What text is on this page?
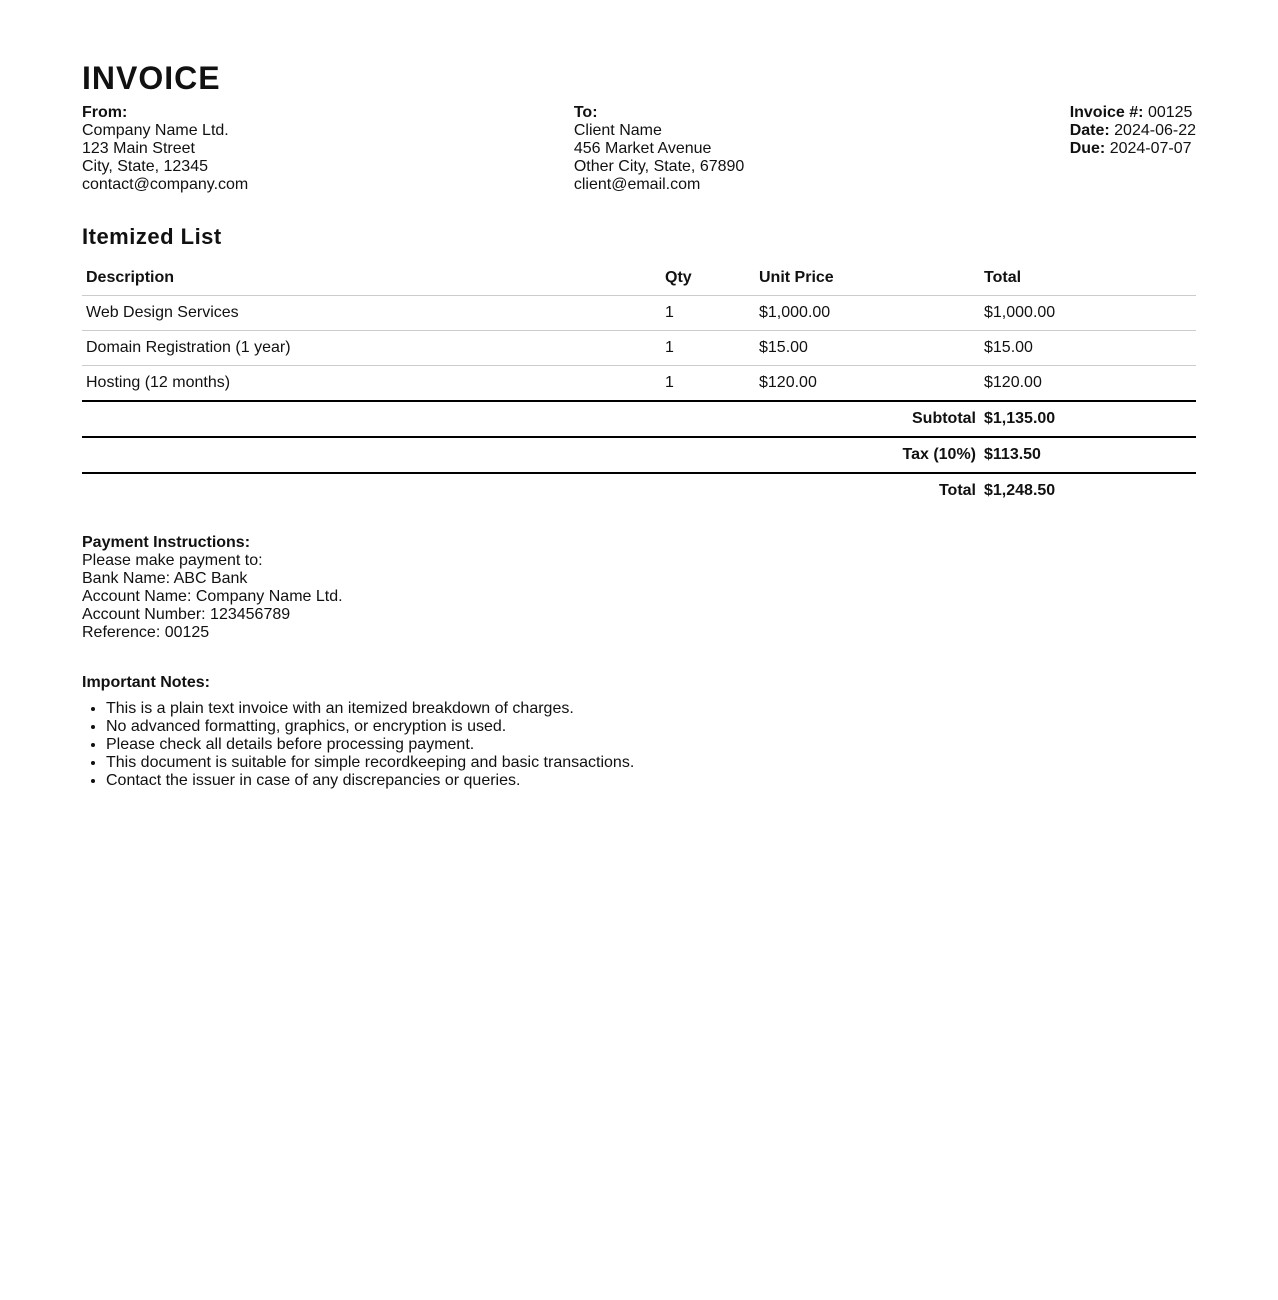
INVOICE
From:
Company Name Ltd.
123 Main Street
City, State, 12345
contact@company.com
To:
Client Name
456 Market Avenue
Other City, State, 67890
client@email.com
Invoice #: 00125
Date: 2024-06-22
Due: 2024-07-07
Itemized List
Description	Qty	Unit Price	Total
Web Design Services	1	$1,000.00	$1,000.00
Domain Registration (1 year)	1	$15.00	$15.00
Hosting (12 months)	1	$120.00	$120.00
Subtotal			$1,135.00
Tax (10%)			$113.50
Total			$1,248.50
Payment Instructions:
Please make payment to:
Bank Name: ABC Bank
Account Name: Company Name Ltd.
Account Number: 123456789
Reference: 00125
Important Notes:
• This is a plain text invoice with an itemized breakdown of charges.
• No advanced formatting, graphics, or encryption is used.
• Please check all details before processing payment.
• This document is suitable for simple recordkeeping and basic transactions.
• Contact the issuer in case of any discrepancies or queries.
